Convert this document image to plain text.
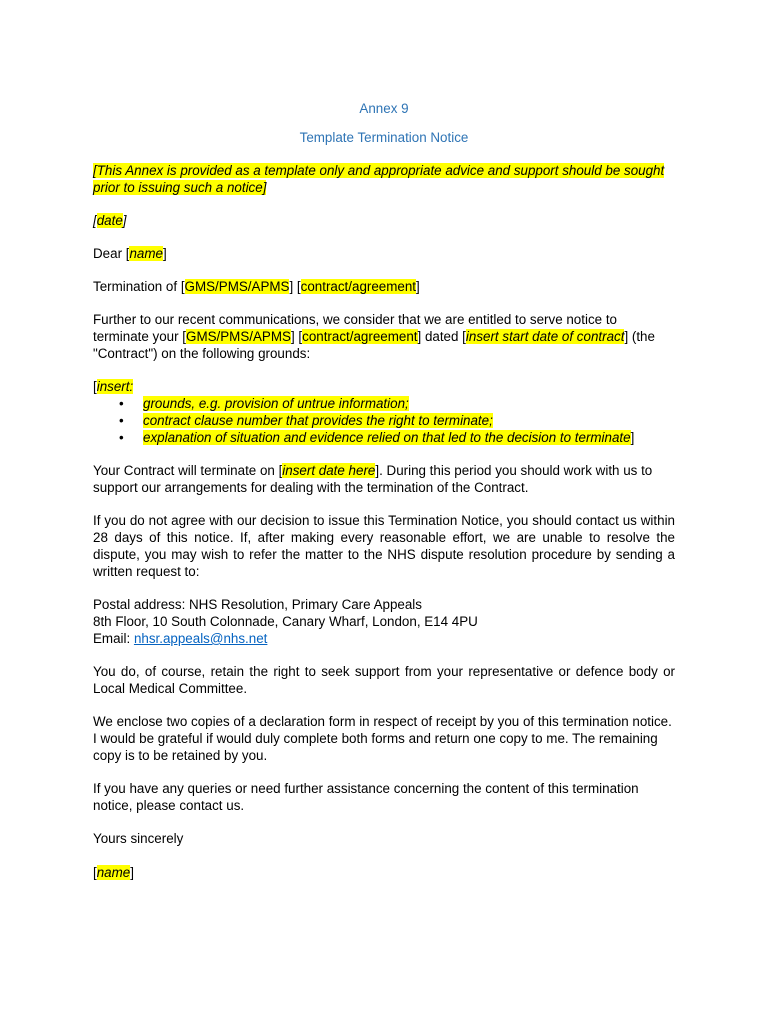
Annex 9

Template Termination Notice

[This Annex is provided as a template only and appropriate advice and support should be sought prior to issuing such a notice]

[date]

Dear [name]

Termination of [GMS/PMS/APMS] [contract/agreement]

Further to our recent communications, we consider that we are entitled to serve notice to terminate your [GMS/PMS/APMS] [contract/agreement] dated [insert start date of contract] (the "Contract") on the following grounds:

[insert:

• grounds, e.g. provision of untrue information;
• contract clause number that provides the right to terminate;
• explanation of situation and evidence relied on that led to the decision to terminate]

Your Contract will terminate on [insert date here]. During this period you should work with us to support our arrangements for dealing with the termination of the Contract.

If you do not agree with our decision to issue this Termination Notice, you should contact us within 28 days of this notice. If, after making every reasonable effort, we are unable to resolve the dispute, you may wish to refer the matter to the NHS dispute resolution procedure by sending a written request to:

Postal address: NHS Resolution, Primary Care Appeals

8th Floor, 10 South Colonnade, Canary Wharf, London, E14 4PU

Email: nhsr.appeals@nhs.net

You do, of course, retain the right to seek support from your representative or defence body or Local Medical Committee.

We enclose two copies of a declaration form in respect of receipt by you of this termination notice. I would be grateful if would duly complete both forms and return one copy to me. The remaining copy is to be retained by you.

If you have any queries or need further assistance concerning the content of this termination notice, please contact us.

Yours sincerely

[name]
